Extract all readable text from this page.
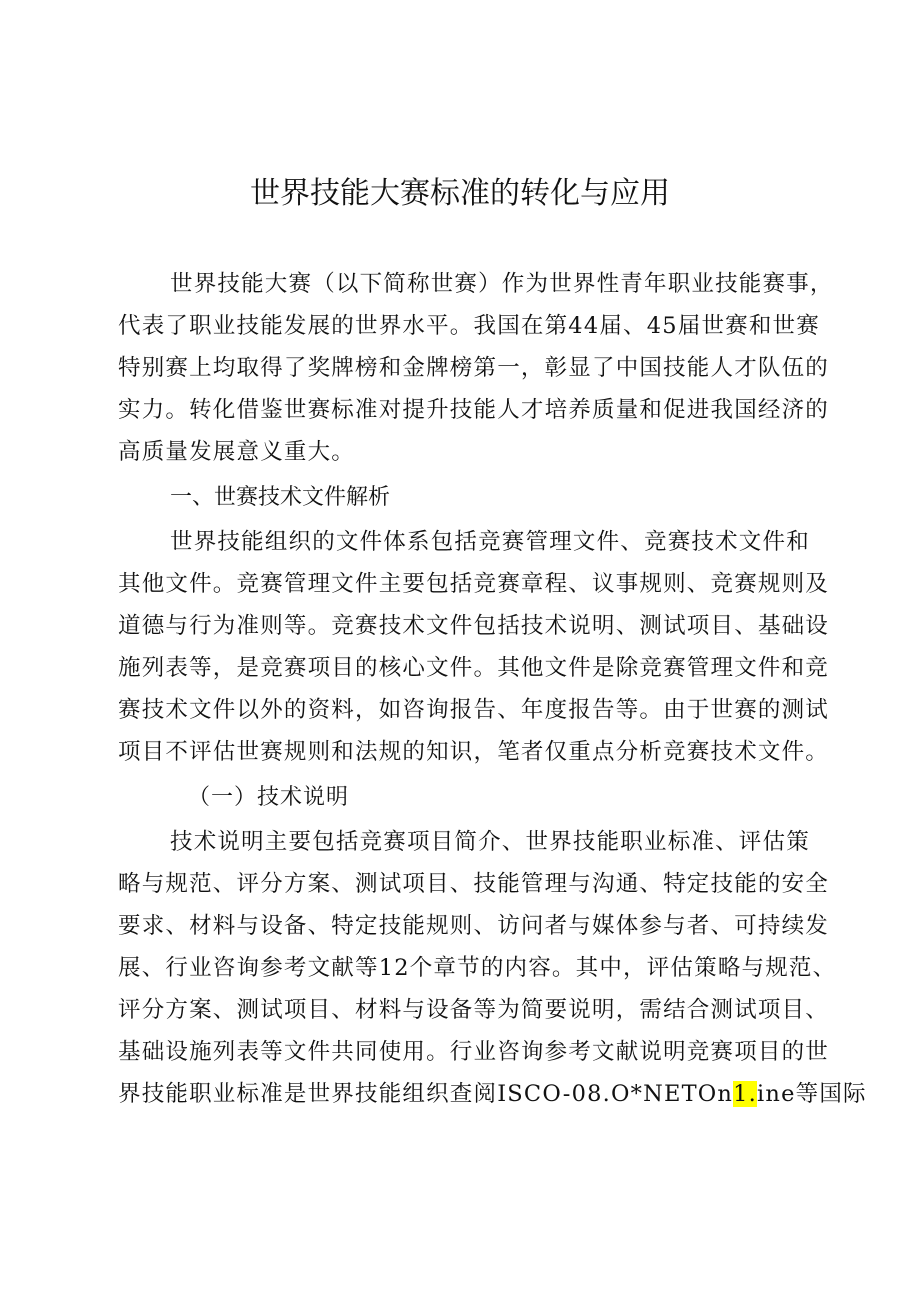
世界技能大赛标准的转化与应用
世界技能大赛（以下简称世赛）作为世界性青年职业技能赛事，
代表了职业技能发展的世界水平。我国在第44届、45届世赛和世赛
特别赛上均取得了奖牌榜和金牌榜第一，彰显了中国技能人才队伍的
实力。转化借鉴世赛标准对提升技能人才培养质量和促进我国经济的
高质量发展意义重大。
一、世赛技术文件解析
世界技能组织的文件体系包括竞赛管理文件、竞赛技术文件和
其他文件。竞赛管理文件主要包括竞赛章程、议事规则、竞赛规则及
道德与行为准则等。竞赛技术文件包括技术说明、测试项目、基础设
施列表等，是竞赛项目的核心文件。其他文件是除竞赛管理文件和竞
赛技术文件以外的资料，如咨询报告、年度报告等。由于世赛的测试
项目不评估世赛规则和法规的知识，笔者仅重点分析竞赛技术文件。
（一）技术说明
技术说明主要包括竞赛项目简介、世界技能职业标准、评估策
略与规范、评分方案、测试项目、技能管理与沟通、特定技能的安全
要求、材料与设备、特定技能规则、访问者与媒体参与者、可持续发
展、行业咨询参考文献等12个章节的内容。其中，评估策略与规范、
评分方案、测试项目、材料与设备等为简要说明，需结合测试项目、
基础设施列表等文件共同使用。行业咨询参考文献说明竞赛项目的世
界技能职业标准是世界技能组织查阅ISCO-08.O*NETOn1.ine等国际
